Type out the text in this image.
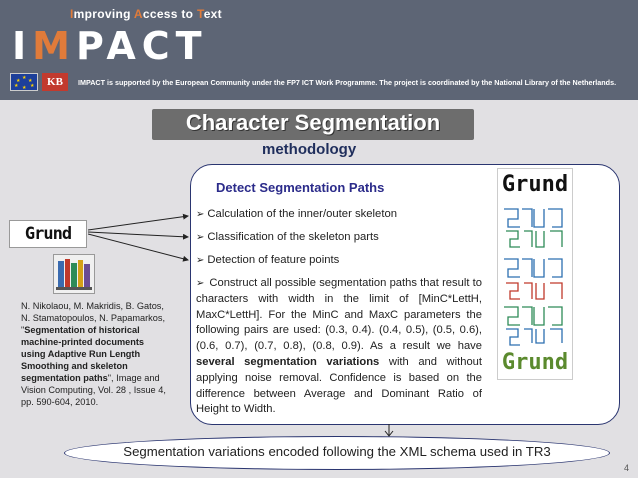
Improving Access to Text
IMPACT
★
★ ★
★ ★
★	KB	IMPACT is supported by the European Community under the FP7 ICT Work Programme. The project is coordinated by the National Library of the Netherlands.
Character Segmentation
methodology
Detect Segmentation Paths
➢ Calculation of the inner/outer skeleton
➢ Classification of the skeleton parts
➢ Detection of feature points
➢ Construct all possible segmentation paths that result to characters with width in the limit of [MinC*LettH, MaxC*LettH]. For the MinC and MaxC parameters the following pairs are used: (0.3, 0.4). (0.4, 0.5), (0.5, 0.6), (0.6, 0.7), (0.7, 0.8), (0.8, 0.9). As a result we have several segmentation variations with and without applying noise removal. Confidence is based on the difference between Average and Dominant Ratio of Height to Width.
Grund
N. Nikolaou, M. Makridis, B. Gatos, N. Stamatopoulos, N. Papamarkos, "Segmentation of historical machine-printed documents using Adaptive Run Length Smoothing and skeleton segmentation paths", Image and Vision Computing, Vol. 28 , Issue 4, pp. 590-604, 2010.
Grund
Grund
Segmentation variations encoded following the XML schema used in TR3
4
